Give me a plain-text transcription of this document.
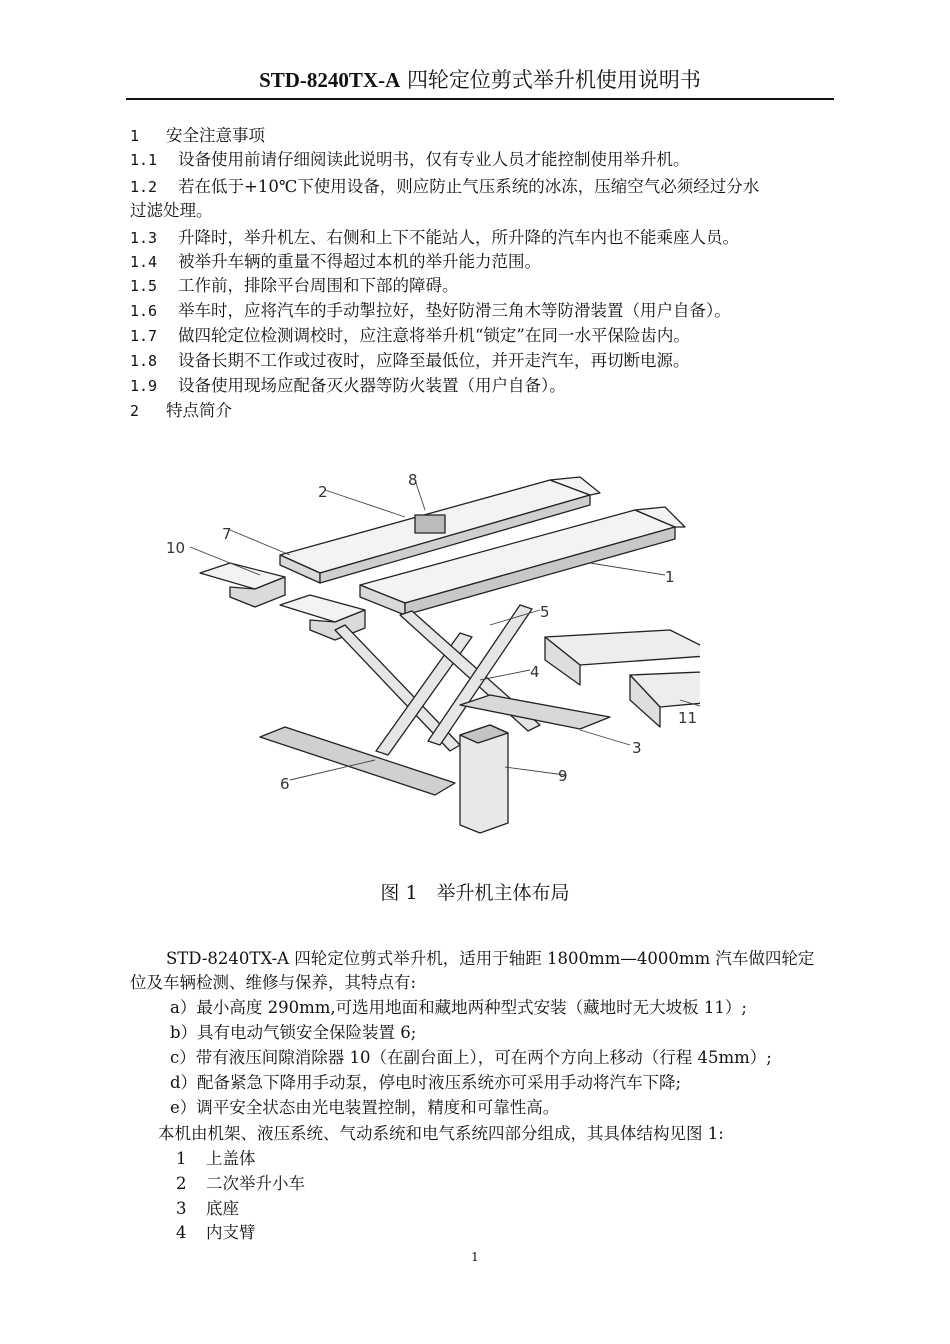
STD-8240TX-A 四轮定位剪式举升机使用说明书
1 安全注意事项
1.1 设备使用前请仔细阅读此说明书，仅有专业人员才能控制使用举升机。
1.2 若在低于+10℃下使用设备，则应防止气压系统的冰冻，压缩空气必须经过分水
过滤处理。
1.3 升降时，举升机左、右侧和上下不能站人，所升降的汽车内也不能乘座人员。
1.4 被举升车辆的重量不得超过本机的举升能力范围。
1.5 工作前，排除平台周围和下部的障碍。
1.6 举车时，应将汽车的手动掣拉好，垫好防滑三角木等防滑装置（用户自备）。
1.7 做四轮定位检测调校时，应注意将举升机“锁定”在同一水平保险齿内。
1.8 设备长期不工作或过夜时，应降至最低位，并开走汽车，再切断电源。
1.9 设备使用现场应配备灭火器等防火装置（用户自备）。
2 特点简介
2
8
10
7
1
5
4
3
6	9
11
图 1　举升机主体布局
STD-8240TX-A 四轮定位剪式举升机，适用于轴距 1800mm—4000mm 汽车做四轮定
位及车辆检测、维修与保养，其特点有:
a）最小高度 290mm,可选用地面和藏地两种型式安装（藏地时无大坡板 11）;
b）具有电动气锁安全保险装置 6;
c）带有液压间隙消除器 10（在副台面上），可在两个方向上移动（行程 45mm）;
d）配备紧急下降用手动泵，停电时液压系统亦可采用手动将汽车下降;
e）调平安全状态由光电装置控制，精度和可靠性高。
本机由机架、液压系统、气动系统和电气系统四部分组成，其具体结构见图 1:
1 上盖体
2 二次举升小车
3 底座
4 内支臂
1
